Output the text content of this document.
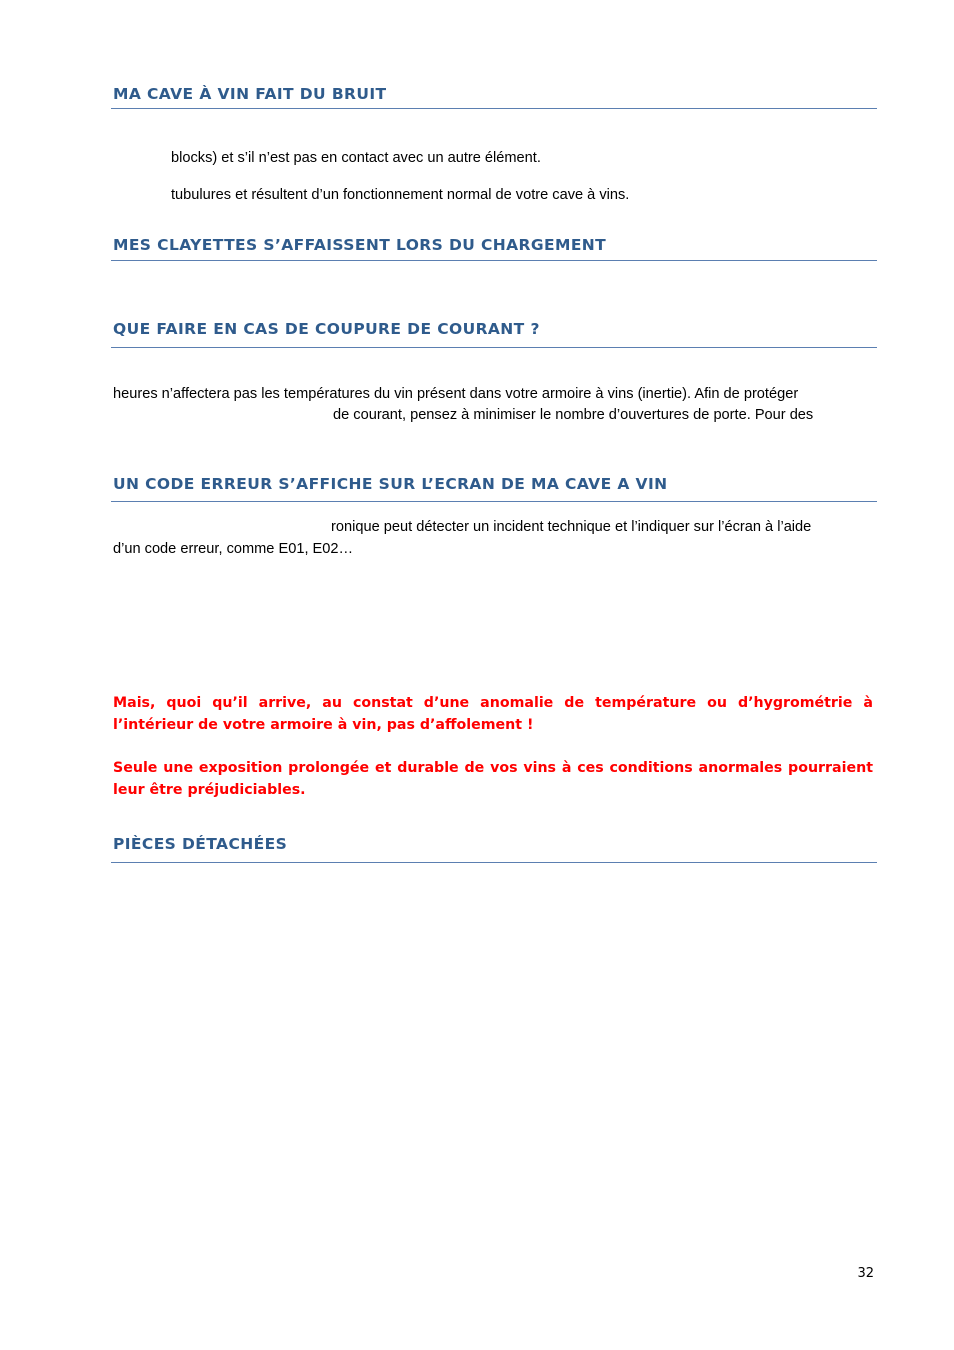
MA CAVE À VIN FAIT DU BRUIT

blocks) et s’il n’est pas en contact avec un autre élément.

tubulures et résultent d’un fonctionnement normal de votre cave à vins.

MES CLAYETTES S’AFFAISSENT LORS DU CHARGEMENT
QUE FAIRE EN CAS DE COUPURE DE COURANT ?

heures n’affectera pas les températures du vin présent dans votre armoire à vins (inertie). Afin de protéger

de courant, pensez à minimiser le nombre d’ouvertures de porte. Pour des

UN CODE ERREUR S’AFFICHE SUR L’ECRAN DE MA CAVE A VIN

ronique peut détecter un incident technique et l’indiquer sur l’écran à l’aide

d’un code erreur, comme E01, E02…

Mais, quoi qu’il arrive, au constat d’une anomalie de température ou d’hygrométrie à l’intérieur de votre armoire à vin, pas d’affolement !

Seule une exposition prolongée et durable de vos vins à ces conditions anormales pourraient leur être préjudiciables.

PIÈCES DÉTACHÉES
32
